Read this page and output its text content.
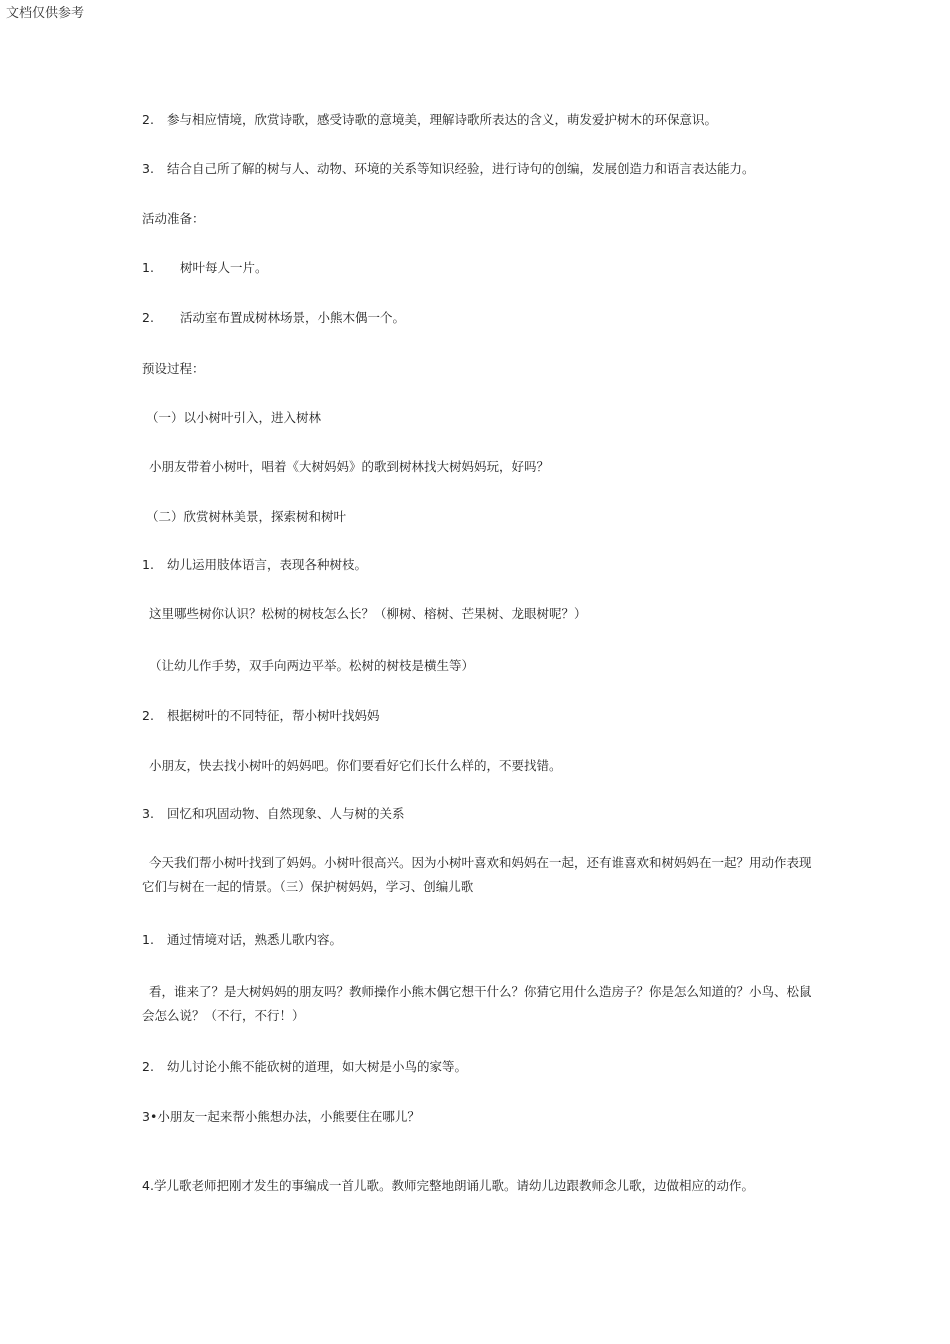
文档仅供参考
2. 参与相应情境，欣赏诗歌，感受诗歌的意境美，理解诗歌所表达的含义，萌发爱护树木的环保意识。
3. 结合自己所了解的树与人、动物、环境的关系等知识经验，进行诗句的创编，发展创造力和语言表达能力。
活动准备：
1. 树叶每人一片。
2. 活动室布置成树林场景，小熊木偶一个。
预设过程：
（一）以小树叶引入，进入树林
小朋友带着小树叶，唱着《大树妈妈》的歌到树林找大树妈妈玩，好吗？
（二）欣赏树林美景，探索树和树叶
1. 幼儿运用肢体语言，表现各种树枝。
这里哪些树你认识？松树的树枝怎么长？（柳树、榕树、芒果树、龙眼树呢？）
（让幼儿作手势，双手向两边平举。松树的树枝是横生等）
2. 根据树叶的不同特征，帮小树叶找妈妈
小朋友，快去找小树叶的妈妈吧。你们要看好它们长什么样的，不要找错。
3. 回忆和巩固动物、自然现象、人与树的关系
今天我们帮小树叶找到了妈妈。小树叶很高兴。因为小树叶喜欢和妈妈在一起，还有谁喜欢和树妈妈在一起？用动作表现它们与树在一起的情景。（三）保护树妈妈，学习、创编儿歌
1. 通过情境对话，熟悉儿歌内容。
看，谁来了？是大树妈妈的朋友吗？教师操作小熊木偶它想干什么？你猜它用什么造房子？你是怎么知道的？小鸟、松鼠会怎么说？（不行，不行！）
2. 幼儿讨论小熊不能砍树的道理，如大树是小鸟的家等。
3•小朋友一起来帮小熊想办法，小熊要住在哪儿？
4.学儿歌老师把刚才发生的事编成一首儿歌。教师完整地朗诵儿歌。请幼儿边跟教师念儿歌，边做相应的动作。
